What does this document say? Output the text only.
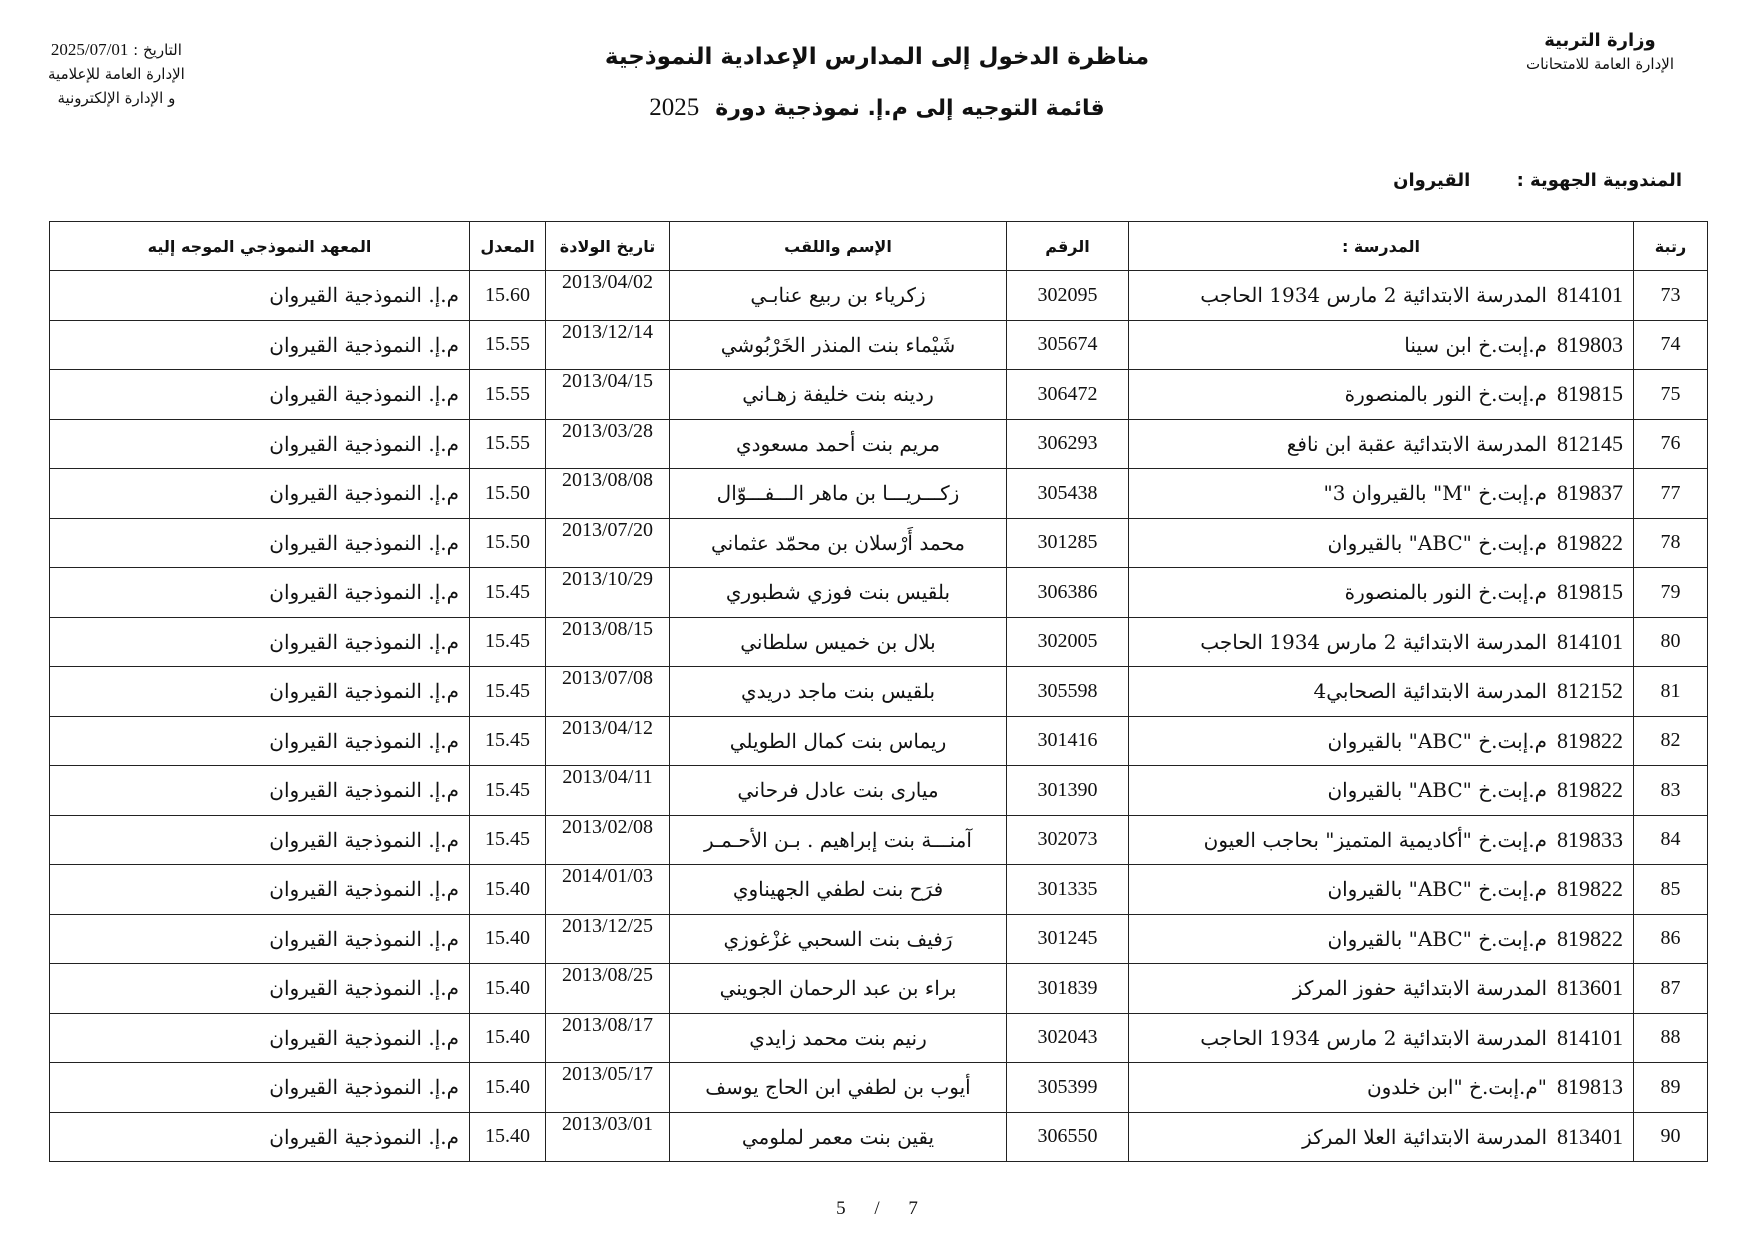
وزارة التربية
الإدارة العامة للامتحانات
التاريخ : 2025/07/01
الإدارة العامة للإعلامية
و الإدارة الإلكترونية
مناظرة الدخول إلى المدارس الإعدادية النموذجية
قائمة التوجيه إلى م.إ. نموذجية دورة2025
المندوبية الجهوية : القيروان
رتبة	المدرسة :	الرقم	الإسم واللقب	تاريخ الولادة	المعدل	المعهد النموذجي الموجه إليه
73	814101المدرسة الابتدائية 2 مارس 1934 الحاجب	302095	زكرياء بن ربيع عنابـي	2013/04/02	15.60	م.إ. النموذجية القيروان
74	819803م.إبت.خ ابن سينا	305674	شَيْماء بنت المنذر الخَرْبُوشي	2013/12/14	15.55	م.إ. النموذجية القيروان
75	819815م.إبت.خ النور بالمنصورة	306472	ردينه بنت خليفة زهـاني	2013/04/15	15.55	م.إ. النموذجية القيروان
76	812145المدرسة الابتدائية عقبة ابن نافع	306293	مريم بنت أحمد مسعودي	2013/03/28	15.55	م.إ. النموذجية القيروان
77	819837م.إبت.خ "M" بالقيروان 3"	305438	زكـــريـــا بن ماهر الـــفـــوّال	2013/08/08	15.50	م.إ. النموذجية القيروان
78	819822م.إبت.خ "ABC" بالقيروان	301285	محمد أَرْسلان بن محمّد عثماني	2013/07/20	15.50	م.إ. النموذجية القيروان
79	819815م.إبت.خ النور بالمنصورة	306386	بلقيس بنت فوزي شطبوري	2013/10/29	15.45	م.إ. النموذجية القيروان
80	814101المدرسة الابتدائية 2 مارس 1934 الحاجب	302005	بلال بن خميس سلطاني	2013/08/15	15.45	م.إ. النموذجية القيروان
81	812152المدرسة الابتدائية الصحابي4	305598	بلقيس بنت ماجد دريدي	2013/07/08	15.45	م.إ. النموذجية القيروان
82	819822م.إبت.خ "ABC" بالقيروان	301416	ريماس بنت كمال الطويلي	2013/04/12	15.45	م.إ. النموذجية القيروان
83	819822م.إبت.خ "ABC" بالقيروان	301390	ميارى بنت عادل فرحاني	2013/04/11	15.45	م.إ. النموذجية القيروان
84	819833م.إبت.خ "أكاديمية المتميز" بحاجب العيون	302073	آمنـــة بنت إبراهيم . بـن الأحـمـر	2013/02/08	15.45	م.إ. النموذجية القيروان
85	819822م.إبت.خ "ABC" بالقيروان	301335	فرَح بنت لطفي الجهيناوي	2014/01/03	15.40	م.إ. النموذجية القيروان
86	819822م.إبت.خ "ABC" بالقيروان	301245	رَفيف بنت السحبي غزْغوزي	2013/12/25	15.40	م.إ. النموذجية القيروان
87	813601المدرسة الابتدائية حفوز المركز	301839	براء بن عبد الرحمان الجويني	2013/08/25	15.40	م.إ. النموذجية القيروان
88	814101المدرسة الابتدائية 2 مارس 1934 الحاجب	302043	رنيم بنت محمد زايدي	2013/08/17	15.40	م.إ. النموذجية القيروان
89	819813"م.إبت.خ "ابن خلدون	305399	أيوب بن لطفي ابن الحاج يوسف	2013/05/17	15.40	م.إ. النموذجية القيروان
90	813401المدرسة الابتدائية العلا المركز	306550	يقين بنت معمر لملومي	2013/03/01	15.40	م.إ. النموذجية القيروان
5 / 7
